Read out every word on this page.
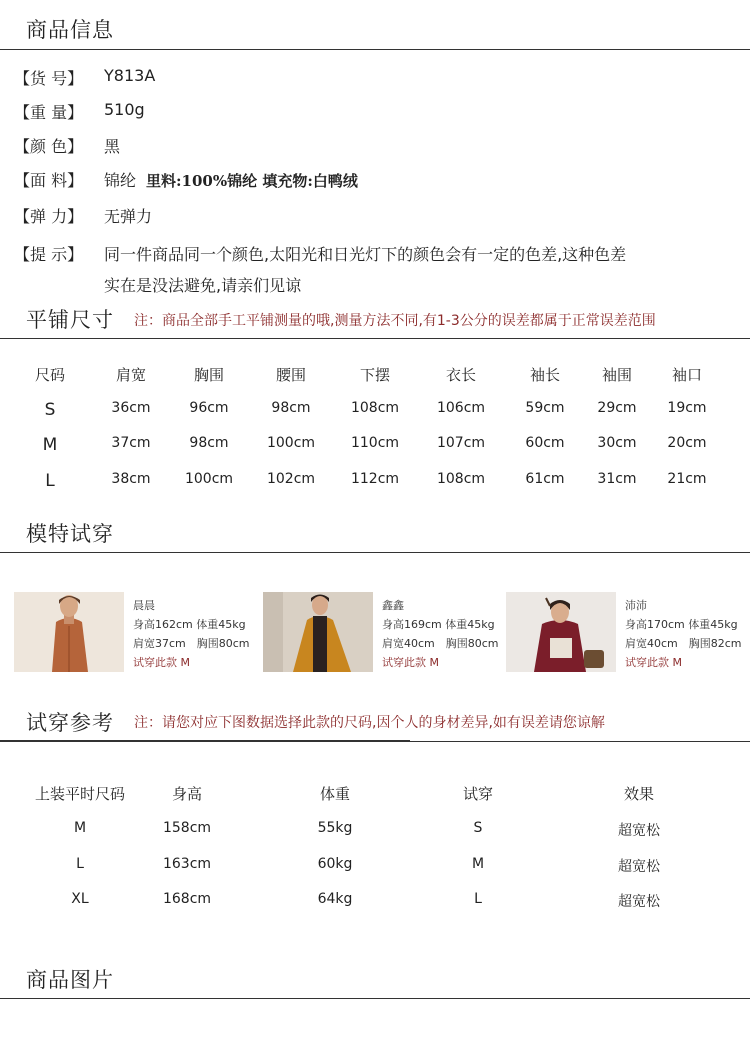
商品信息
【货 号】	Y813A
【重 量】	510g
【颜 色】	黑
【面 料】	锦纶 里料:100%锦纶 填充物:白鸭绒
【弹 力】	无弹力
【提 示】	同一件商品同一个颜色,太阳光和日光灯下的颜色会有一定的色差,这种色差
实在是没法避免,请亲们见谅
平铺尺寸 注：商品全部手工平铺测量的哦,测量方法不同,有1-3公分的误差都属于正常误差范围
尺码	肩宽	胸围	腰围	下摆	衣长	袖长	袖围	袖口
S	36cm	96cm	98cm	108cm	106cm	59cm 29cm 19cm
M	37cm	98cm	100cm	110cm	107cm	60cm 30cm 20cm
L	38cm 100cm 102cm	112cm	108cm	61cm 31cm 21cm
模特试穿
晨晨
身高162cm 体重45kg
肩宽37cm　胸围80cm
试穿此款 M
鑫鑫
身高169cm 体重45kg
肩宽40cm　胸围80cm
试穿此款 M
沛沛
身高170cm 体重45kg
肩宽40cm　胸围82cm
试穿此款 M
试穿参考 注：请您对应下图数据选择此款的尺码,因个人的身材差异,如有误差请您谅解
上装平时尺码	身高	体重	试穿	效果
M	158cm	55kg	S	超宽松
L	163cm	60kg	M	超宽松
XL	168cm	64kg	L	超宽松
商品图片
